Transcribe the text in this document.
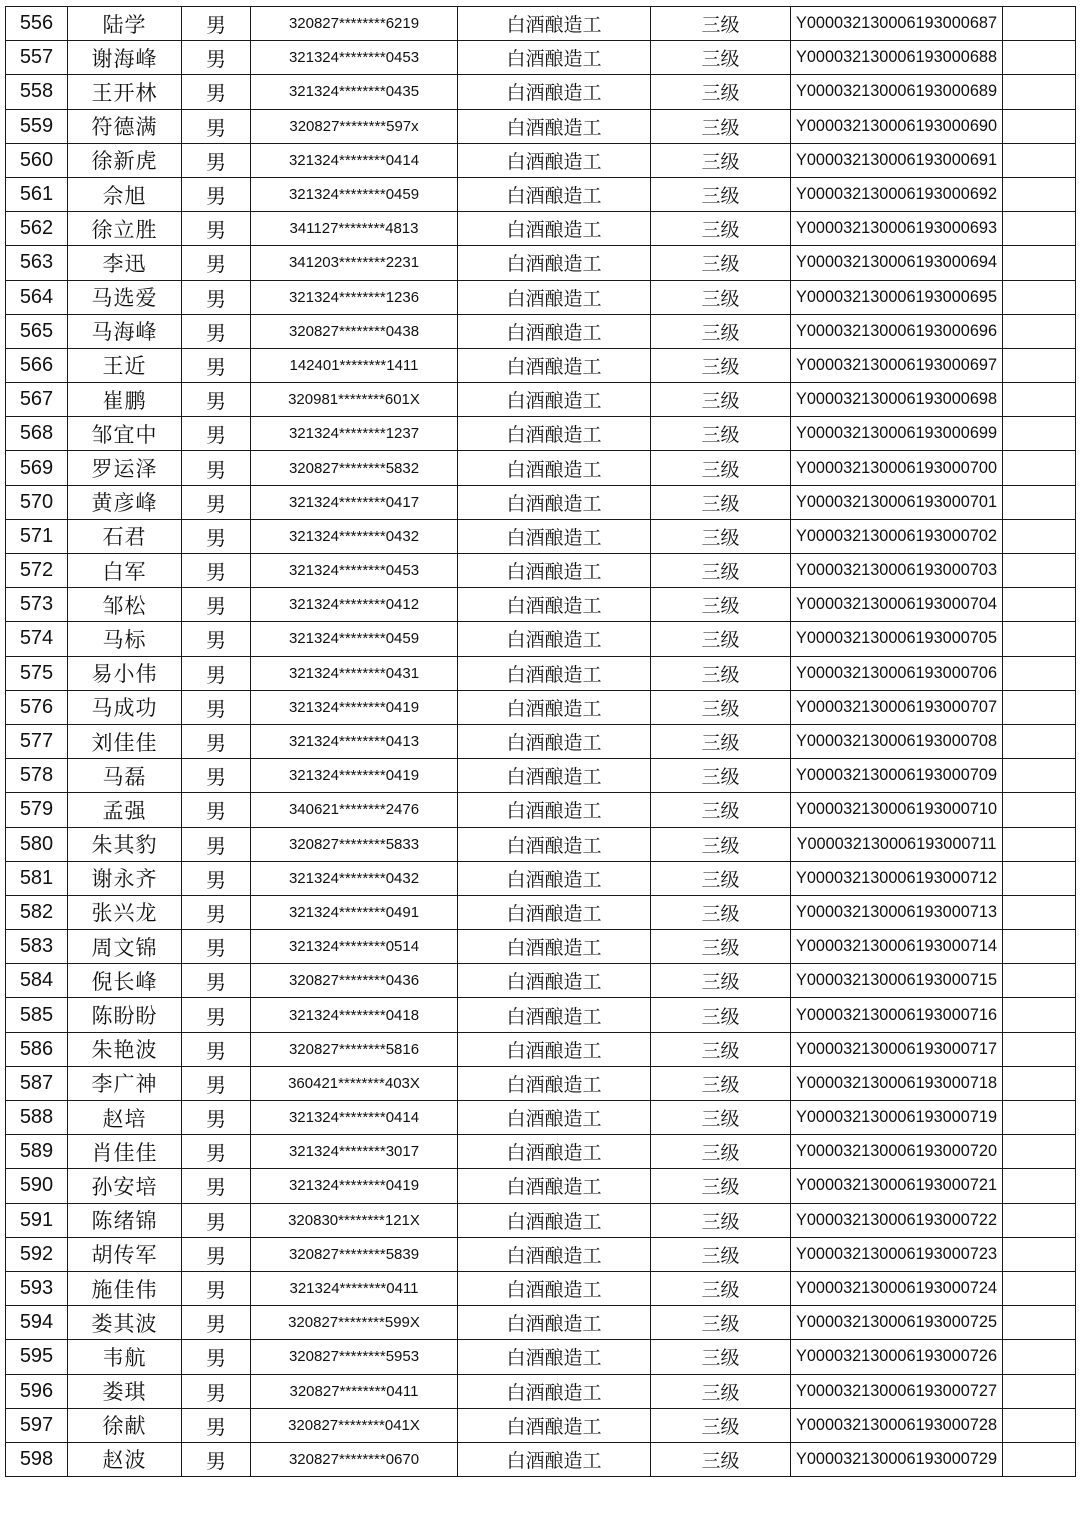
556	陆学	男	320827********6219	白酒酿造工	三级	Y000032130006193000687	
557	谢海峰	男	321324********0453	白酒酿造工	三级	Y000032130006193000688	
558	王开林	男	321324********0435	白酒酿造工	三级	Y000032130006193000689	
559	符德满	男	320827********597x	白酒酿造工	三级	Y000032130006193000690	
560	徐新虎	男	321324********0414	白酒酿造工	三级	Y000032130006193000691	
561	佘旭	男	321324********0459	白酒酿造工	三级	Y000032130006193000692	
562	徐立胜	男	341127********4813	白酒酿造工	三级	Y000032130006193000693	
563	李迅	男	341203********2231	白酒酿造工	三级	Y000032130006193000694	
564	马选爱	男	321324********1236	白酒酿造工	三级	Y000032130006193000695	
565	马海峰	男	320827********0438	白酒酿造工	三级	Y000032130006193000696	
566	王近	男	142401********1411	白酒酿造工	三级	Y000032130006193000697	
567	崔鹏	男	320981********601X	白酒酿造工	三级	Y000032130006193000698	
568	邹宜中	男	321324********1237	白酒酿造工	三级	Y000032130006193000699	
569	罗运泽	男	320827********5832	白酒酿造工	三级	Y000032130006193000700	
570	黄彦峰	男	321324********0417	白酒酿造工	三级	Y000032130006193000701	
571	石君	男	321324********0432	白酒酿造工	三级	Y000032130006193000702	
572	白军	男	321324********0453	白酒酿造工	三级	Y000032130006193000703	
573	邹松	男	321324********0412	白酒酿造工	三级	Y000032130006193000704	
574	马标	男	321324********0459	白酒酿造工	三级	Y000032130006193000705	
575	易小伟	男	321324********0431	白酒酿造工	三级	Y000032130006193000706	
576	马成功	男	321324********0419	白酒酿造工	三级	Y000032130006193000707	
577	刘佳佳	男	321324********0413	白酒酿造工	三级	Y000032130006193000708	
578	马磊	男	321324********0419	白酒酿造工	三级	Y000032130006193000709	
579	孟强	男	340621********2476	白酒酿造工	三级	Y000032130006193000710	
580	朱其豹	男	320827********5833	白酒酿造工	三级	Y000032130006193000711	
581	谢永齐	男	321324********0432	白酒酿造工	三级	Y000032130006193000712	
582	张兴龙	男	321324********0491	白酒酿造工	三级	Y000032130006193000713	
583	周文锦	男	321324********0514	白酒酿造工	三级	Y000032130006193000714	
584	倪长峰	男	320827********0436	白酒酿造工	三级	Y000032130006193000715	
585	陈盼盼	男	321324********0418	白酒酿造工	三级	Y000032130006193000716	
586	朱艳波	男	320827********5816	白酒酿造工	三级	Y000032130006193000717	
587	李广神	男	360421********403X	白酒酿造工	三级	Y000032130006193000718	
588	赵培	男	321324********0414	白酒酿造工	三级	Y000032130006193000719	
589	肖佳佳	男	321324********3017	白酒酿造工	三级	Y000032130006193000720	
590	孙安培	男	321324********0419	白酒酿造工	三级	Y000032130006193000721	
591	陈绪锦	男	320830********121X	白酒酿造工	三级	Y000032130006193000722	
592	胡传军	男	320827********5839	白酒酿造工	三级	Y000032130006193000723	
593	施佳伟	男	321324********0411	白酒酿造工	三级	Y000032130006193000724	
594	娄其波	男	320827********599X	白酒酿造工	三级	Y000032130006193000725	
595	韦航	男	320827********5953	白酒酿造工	三级	Y000032130006193000726	
596	娄琪	男	320827********0411	白酒酿造工	三级	Y000032130006193000727	
597	徐献	男	320827********041X	白酒酿造工	三级	Y000032130006193000728	
598	赵波	男	320827********0670	白酒酿造工	三级	Y000032130006193000729	
